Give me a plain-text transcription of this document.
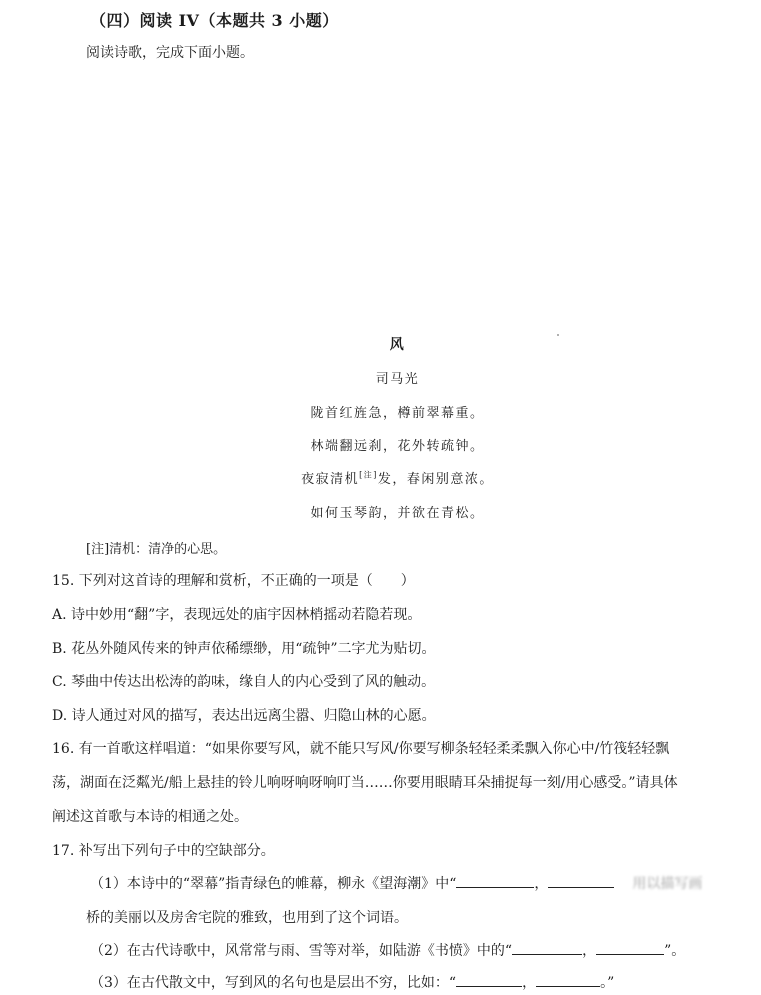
（四）阅读 IV（本题共 3 小题）
阅读诗歌，完成下面小题。
风
司马光
陇首红旌急，樽前翠幕重。
林端翻远刹，花外转疏钟。
夜寂清机[注]发，春闲别意浓。
如何玉琴韵，并欲在青松。
[注]清机：清净的心思。
15. 下列对这首诗的理解和赏析，不正确的一项是（　　）
A. 诗中妙用“翻”字，表现远处的庙宇因林梢摇动若隐若现。
B. 花丛外随风传来的钟声依稀缥缈，用“疏钟”二字尤为贴切。
C. 琴曲中传达出松涛的韵味，缘自人的内心受到了风的触动。
D. 诗人通过对风的描写，表达出远离尘嚣、归隐山林的心愿。
16. 有一首歌这样唱道：“如果你要写风，就不能只写风/你要写柳条轻轻柔柔飘入你心中/竹筏轻轻飘
荡，湖面在泛粼光/船上悬挂的铃儿响呀响呀响叮当……你要用眼睛耳朵捕捉每一刻/用心感受。”请具体
阐述这首歌与本诗的相通之处。
17. 补写出下列句子中的空缺部分。
（1）本诗中的“翠幕”指青绿色的帷幕，柳永《望海潮》中“	，	用以描写画
桥的美丽以及房舍宅院的雅致，也用到了这个词语。
（2）在古代诗歌中，风常常与雨、雪等对举，如陆游《书愤》中的“	，	”。
（3）在古代散文中，写到风的名句也是层出不穷，比如：“	，	。”
